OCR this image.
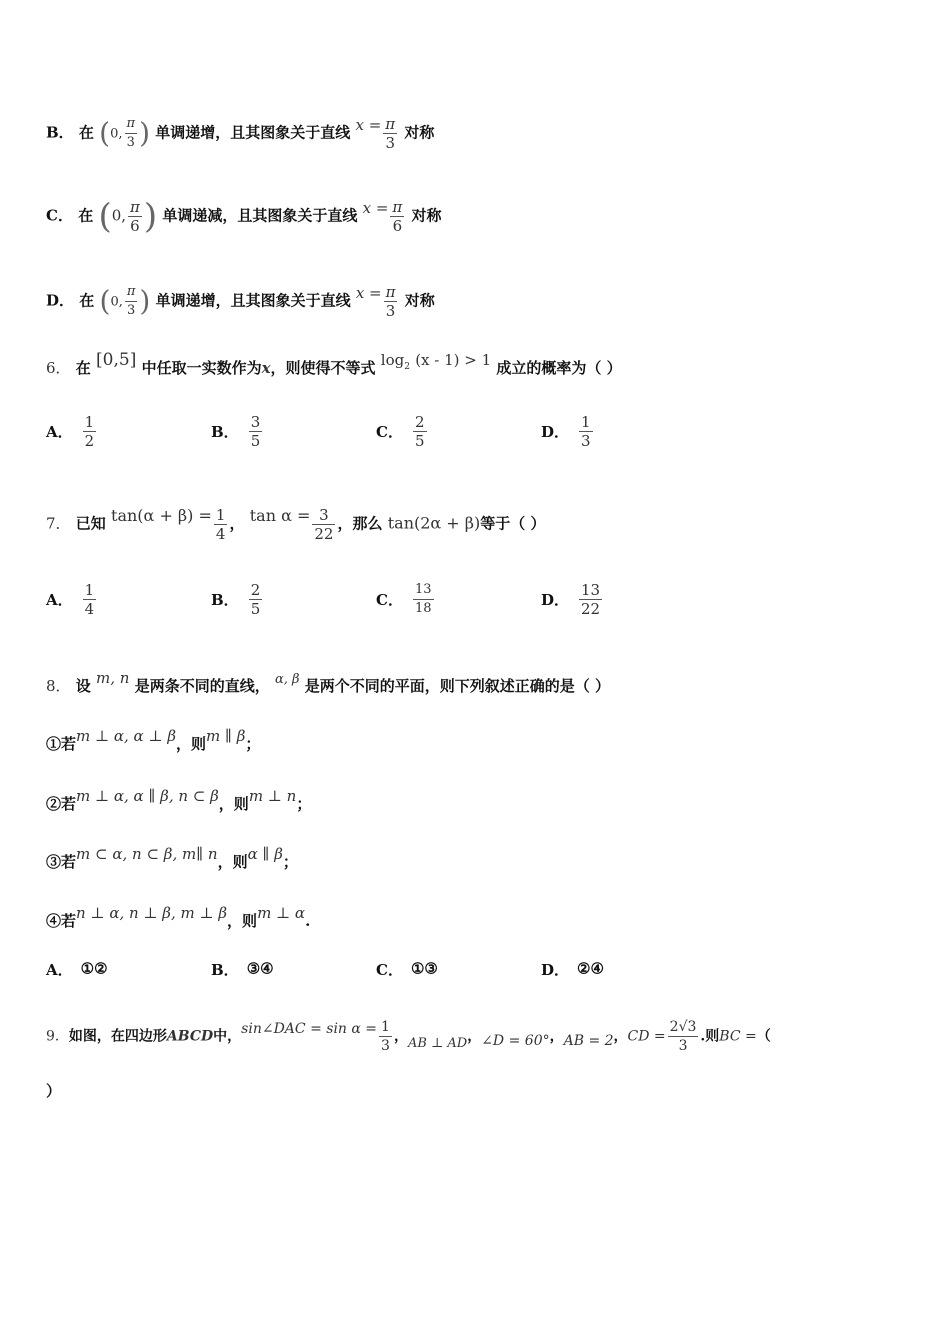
B． 在 (0, $\frac{\pi}{3}$ ) 单调递增，且其图象关于直线 $x = \frac{\pi}{3}$ 对称
C． 在 (0, $\frac{\pi}{6}$ ) 单调递减，且其图象关于直线 $x = \frac{\pi}{6}$ 对称
D． 在 (0, $\frac{\pi}{3}$ ) 单调递增，且其图象关于直线 $x = \frac{\pi}{3}$ 对称
6． 在 [0,5] 中任取一实数作为x，则使得不等式 $\log_2 (x - 1) > 1$ 成立的概率为（ ）
A． $\frac{1}{2}$	B． $\frac{3}{5}$	C． $\frac{2}{5}$	D． $\frac{1}{3}$
7． 已知 $\tan(\alpha + \beta) = \frac{1}{4}$ ， $\tan \alpha = \frac{3}{22}$ ，那么 tan(2α + β)等于（ ）
A． $\frac{1}{4}$	B． $\frac{2}{5}$	C． $\frac{13}{18}$	D． $\frac{13}{22}$
8． 设 m, n 是两条不同的直线， α, β 是两个不同的平面，则下列叙述正确的是（ ）
①若m ⊥ α, α ⊥ β，则m ∥ β；
②若m ⊥ α, α ∥ β, n ⊂ β，则m ⊥ n；
③若m ⊂ α, n ⊂ β, m∥ n，则α ∥ β；
④若n ⊥ α, n ⊥ β, m ⊥ β，则m ⊥ α.
A． ①②	B． ③④	C． ①③	D． ②④
9．如图，在四边形ABCD中，sin∠DAC = $\sin \alpha = \frac{1}{3}$ ，AB ⊥ AD，∠D = 60°，AB = 2，CD = $\frac{2√3}{3}$ .则BC =（
）
